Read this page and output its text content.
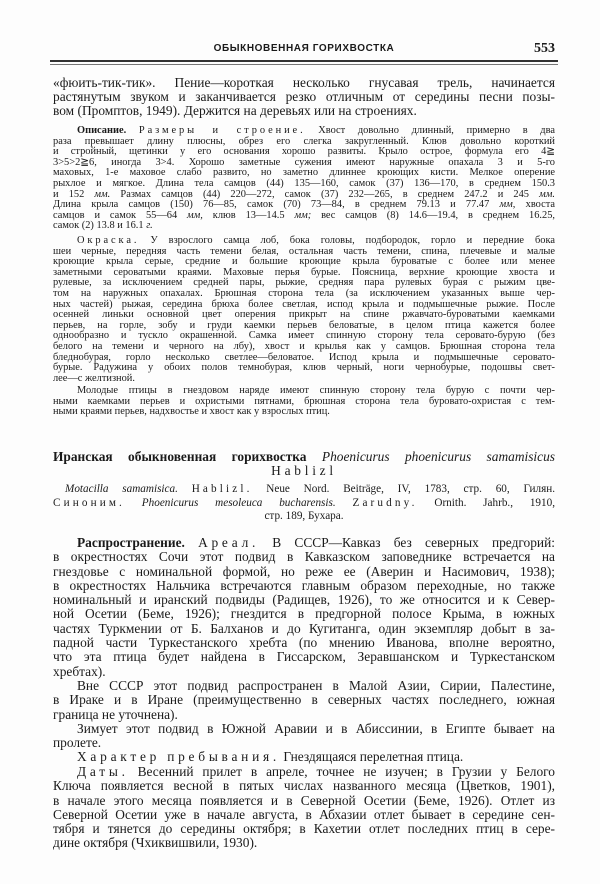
ОБЫКНОВЕННАЯ ГОРИХВОСТКА	553
«фюить-тик-тик». Пение—короткая несколько гнусавая трель, начинается
растянутым звуком и заканчивается резко отличным от середины песни позы-
вом (Промптов, 1949). Держится на деревьях или на строениях.
Описание. Размеры и строение. Хвост довольно длинный, примерно в два
раза превышает длину плюсны, обрез его слегка закругленный. Клюв довольно короткий
и стройный, щетинки у его основания хорошо развиты. Крыло острое, формула его 4≧
3>5>2≧6, иногда 3>4. Хорошо заметные сужения имеют наружные опахала 3 и 5-го
маховых, 1-е маховое слабо развито, но заметно длиннее кроющих кисти. Мелкое оперение
рыхлое и мягкое. Длина тела самцов (44) 135—160, самок (37) 136—170, в среднем 150.3
и 152 мм. Размах самцов (44) 220—272, самок (37) 232—265, в среднем 247.2 и 245 мм.
Длина крыла самцов (150) 76—85, самок (70) 73—84, в среднем 79.13 и 77.47 мм, хвоста
самцов и самок 55—64 мм, клюв 13—14.5 мм; вес самцов (8) 14.6—19.4, в среднем 16.25,
самок (2) 13.8 и 16.1 г.
Окраска. У взрослого самца лоб, бока головы, подбородок, горло и передние бока
шеи черные, передняя часть темени белая, остальная часть темени, спина, плечевые и малые
кроющие крыла серые, средние и большие кроющие крыла буроватые с более или менее
заметными сероватыми краями. Маховые перья бурые. Поясница, верхние кроющие хвоста и
рулевые, за исключением средней пары, рыжие, средняя пара рулевых бурая с рыжим цве-
том на наружных опахалах. Брюшная сторона тела (за исключением указанных выше чер-
ных частей) рыжая, середина брюха более светлая, испод крыла и подмышечные рыжие. После
осенней линьки основной цвет оперения прикрыт на спине ржавчато-буроватыми каемками
перьев, на горле, зобу и груди каемки перьев беловатые, в целом птица кажется более
однообразно и тускло окрашенной. Самка имеет спинную сторону тела серовато-бурую (без
белого на темени и черного на лбу), хвост и крылья как у самцов. Брюшная сторона тела
бледнобурая, горло несколько светлее—беловатое. Испод крыла и подмышечные серовато-
бурые. Радужина у обоих полов темнобурая, клюв черный, ноги чернобурые, подошвы свет-
лее—с желтизной.
Молодые птицы в гнездовом наряде имеют спинную сторону тела бурую с почти чер-
ными каемками перьев и охристыми пятнами, брюшная сторона тела буровато-охристая с тем-
ными краями перьев, надхвостье и хвост как у взрослых птиц.
Иранская обыкновенная горихвостка Phoenicurus phoenicurus samamisicus
Hablizl
Motacilla samamisica. Hablizl. Neue Nord. Beiträge, IV, 1783, стр. 60, Гилян.
Синоним. Phoenicurus mesoleuca bucharensis. Zarudny. Ornith. Jahrb., 1910,
стр. 189, Бухара.
Распространение. Ареал. В СССР—Кавказ без северных предгорий:
в окрестностях Сочи этот подвид в Кавказском заповеднике встречается на
гнездовье с номинальной формой, но реже ее (Аверин и Насимович, 1938);
в окрестностях Нальчика встречаются главным образом переходные, но также
номинальный и иранский подвиды (Радищев, 1926), то же относится и к Север-
ной Осетии (Беме, 1926); гнездится в предгорной полосе Крыма, в южных
частях Туркмении от Б. Балханов и до Кугитанга, один экземпляр добыт в за-
падной части Туркестанского хребта (по мнению Иванова, вполне вероятно,
что эта птица будет найдена в Гиссарском, Зеравшанском и Туркестанском
хребтах).
Вне СССР этот подвид распространен в Малой Азии, Сирии, Палестине,
в Ираке и в Иране (преимущественно в северных частях последнего, южная
граница не уточнена).
Зимует этот подвид в Южной Аравии и в Абиссинии, в Египте бывает на
пролете.
Характер пребывания. Гнездящаяся перелетная птица.
Даты. Весенний прилет в апреле, точнее не изучен; в Грузии у Белого
Ключа появляется весной в пятых числах названного месяца (Цветков, 1901),
в начале этого месяца появляется и в Северной Осетии (Беме, 1926). Отлет из
Северной Осетии уже в начале августа, в Абхазии отлет бывает в середине сен-
тября и тянется до середины октября; в Кахетии отлет последних птиц в сере-
дине октября (Чхиквишвили, 1930).
